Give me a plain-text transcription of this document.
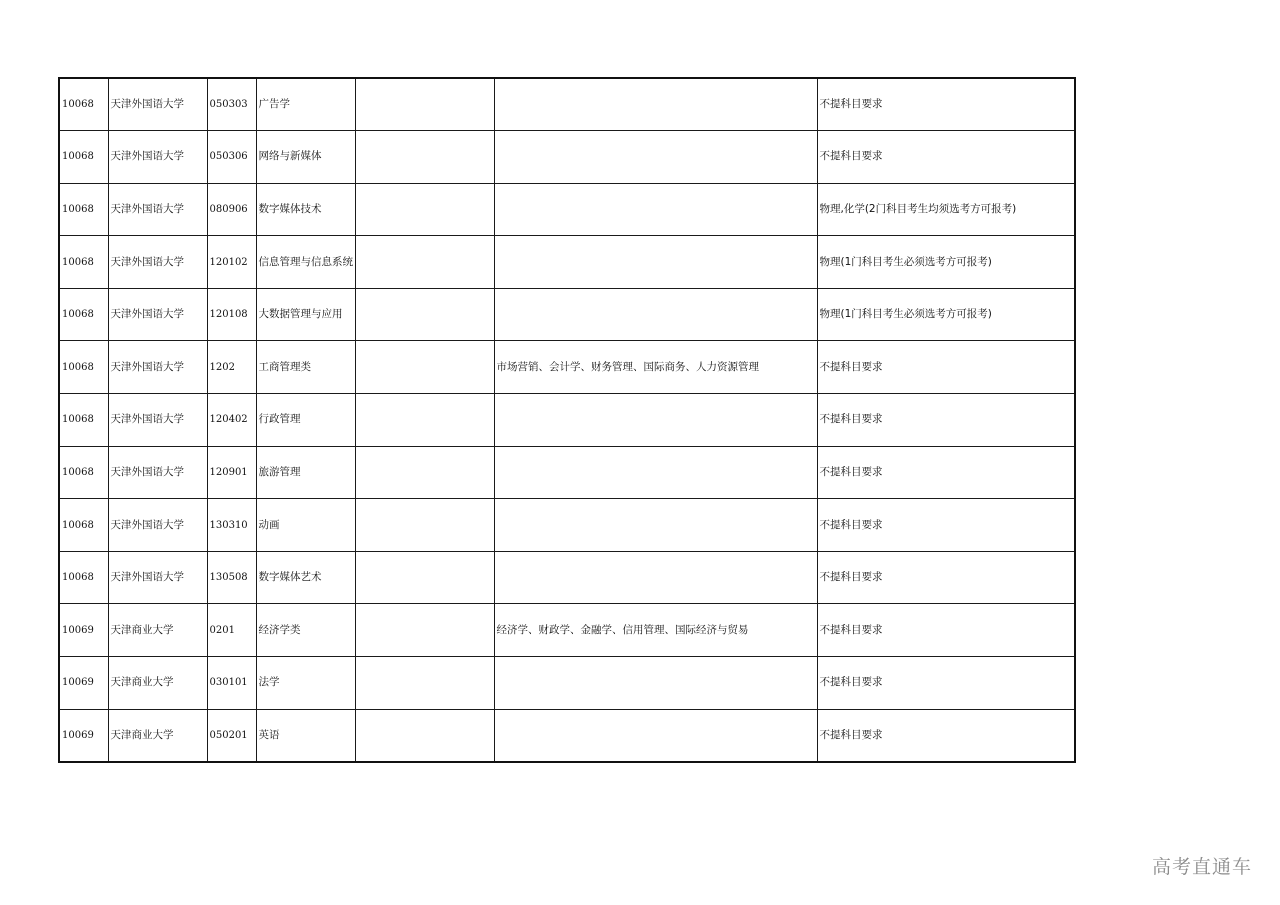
10068	天津外国语大学	050303	广告学			不提科目要求
10068	天津外国语大学	050306	网络与新媒体			不提科目要求
10068	天津外国语大学	080906	数字媒体技术			物理,化学(2门科目考生均须选考方可报考)
10068	天津外国语大学	120102	信息管理与信息系统			物理(1门科目考生必须选考方可报考)
10068	天津外国语大学	120108	大数据管理与应用			物理(1门科目考生必须选考方可报考)
10068	天津外国语大学	1202	工商管理类		市场营销、会计学、财务管理、国际商务、人力资源管理	不提科目要求
10068	天津外国语大学	120402	行政管理			不提科目要求
10068	天津外国语大学	120901	旅游管理			不提科目要求
10068	天津外国语大学	130310	动画			不提科目要求
10068	天津外国语大学	130508	数字媒体艺术			不提科目要求
10069	天津商业大学	0201	经济学类		经济学、财政学、金融学、信用管理、国际经济与贸易	不提科目要求
10069	天津商业大学	030101	法学			不提科目要求
10069	天津商业大学	050201	英语			不提科目要求
高考直通车
